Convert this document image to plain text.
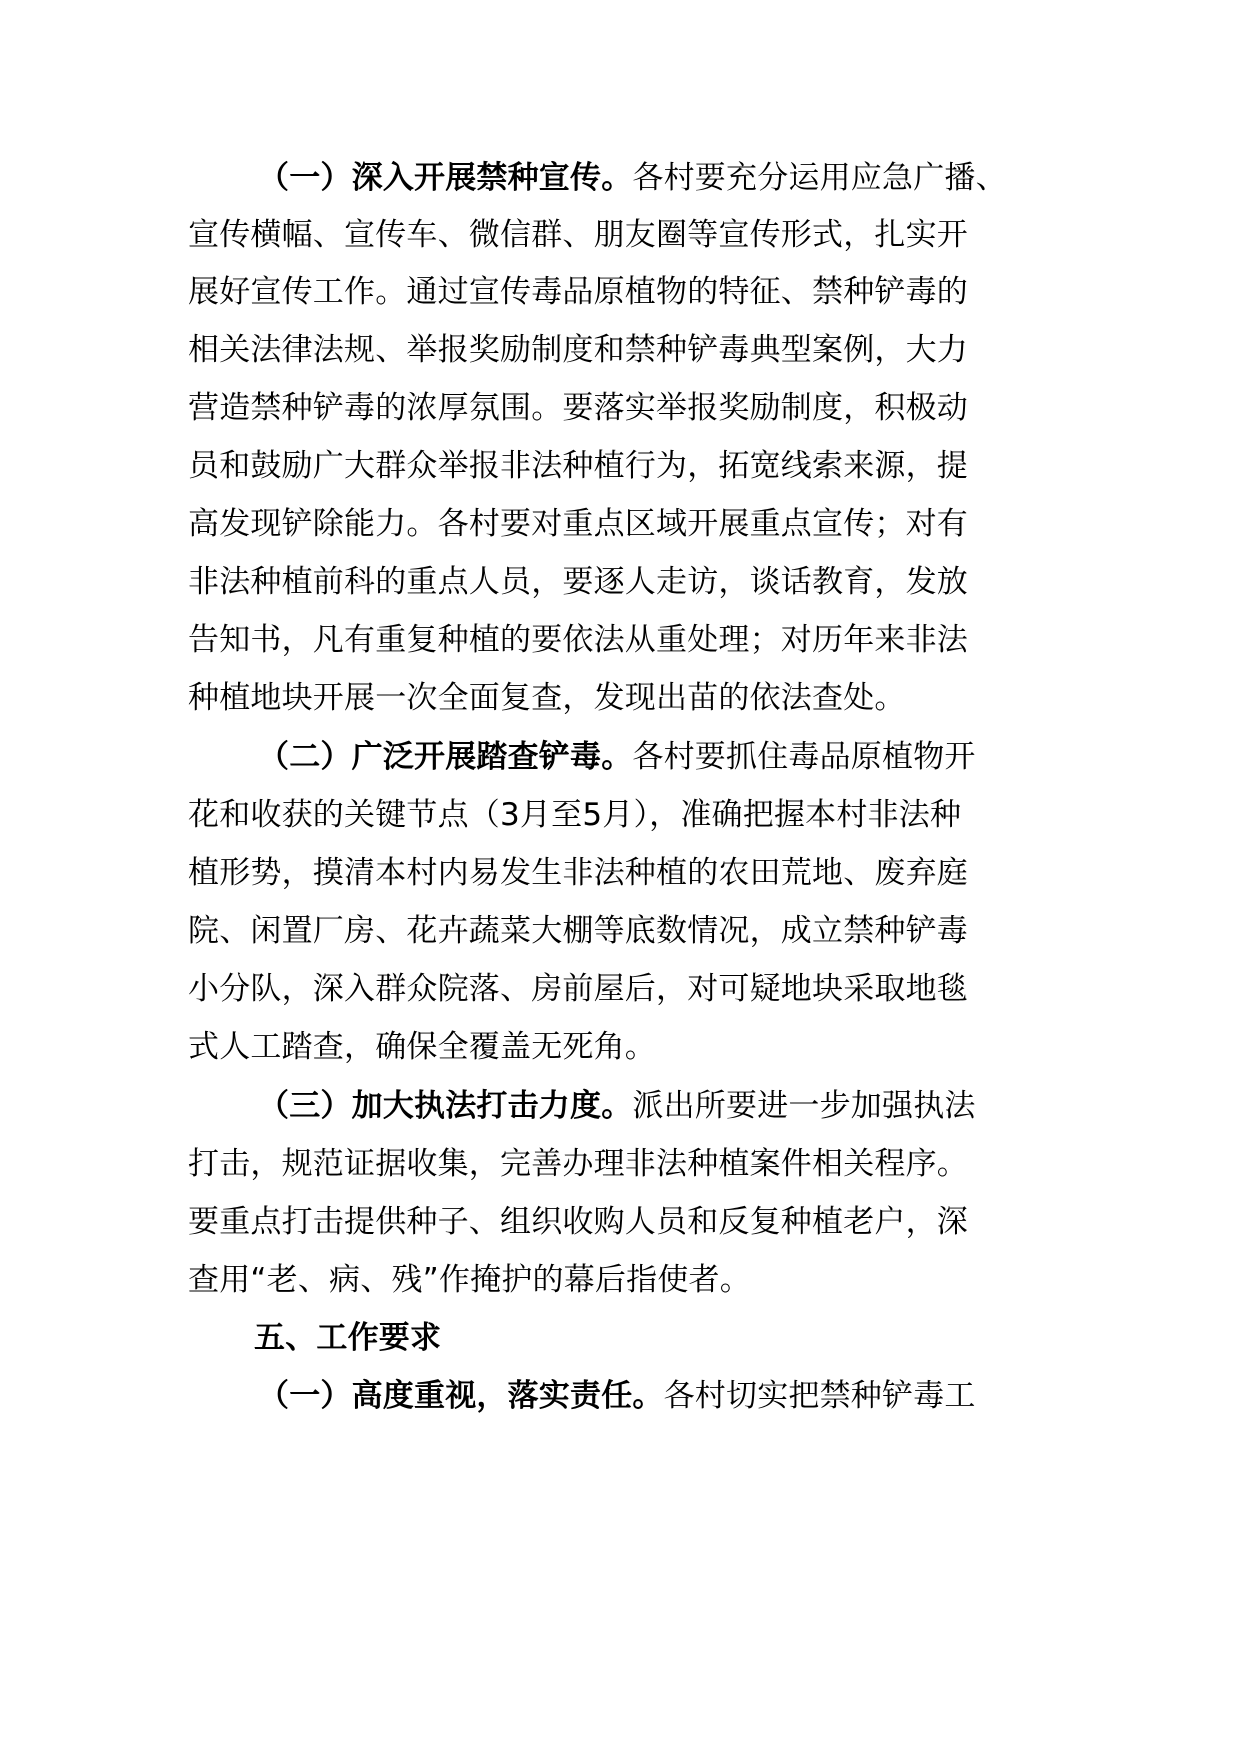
（一）深入开展禁种宣传。各村要充分运用应急广播、
宣传横幅、宣传车、微信群、朋友圈等宣传形式，扎实开
展好宣传工作。通过宣传毒品原植物的特征、禁种铲毒的
相关法律法规、举报奖励制度和禁种铲毒典型案例，大力
营造禁种铲毒的浓厚氛围。要落实举报奖励制度，积极动
员和鼓励广大群众举报非法种植行为，拓宽线索来源，提
高发现铲除能力。各村要对重点区域开展重点宣传；对有
非法种植前科的重点人员，要逐人走访，谈话教育，发放
告知书，凡有重复种植的要依法从重处理；对历年来非法
种植地块开展一次全面复查，发现出苗的依法查处。
（二）广泛开展踏查铲毒。各村要抓住毒品原植物开
花和收获的关键节点（3月至5月），准确把握本村非法种
植形势，摸清本村内易发生非法种植的农田荒地、废弃庭
院、闲置厂房、花卉蔬菜大棚等底数情况，成立禁种铲毒
小分队，深入群众院落、房前屋后，对可疑地块采取地毯
式人工踏查，确保全覆盖无死角。
（三）加大执法打击力度。派出所要进一步加强执法
打击，规范证据收集，完善办理非法种植案件相关程序。
要重点打击提供种子、组织收购人员和反复种植老户，深
查用“老、病、残”作掩护的幕后指使者。
五、工作要求
（一）高度重视，落实责任。各村切实把禁种铲毒工
